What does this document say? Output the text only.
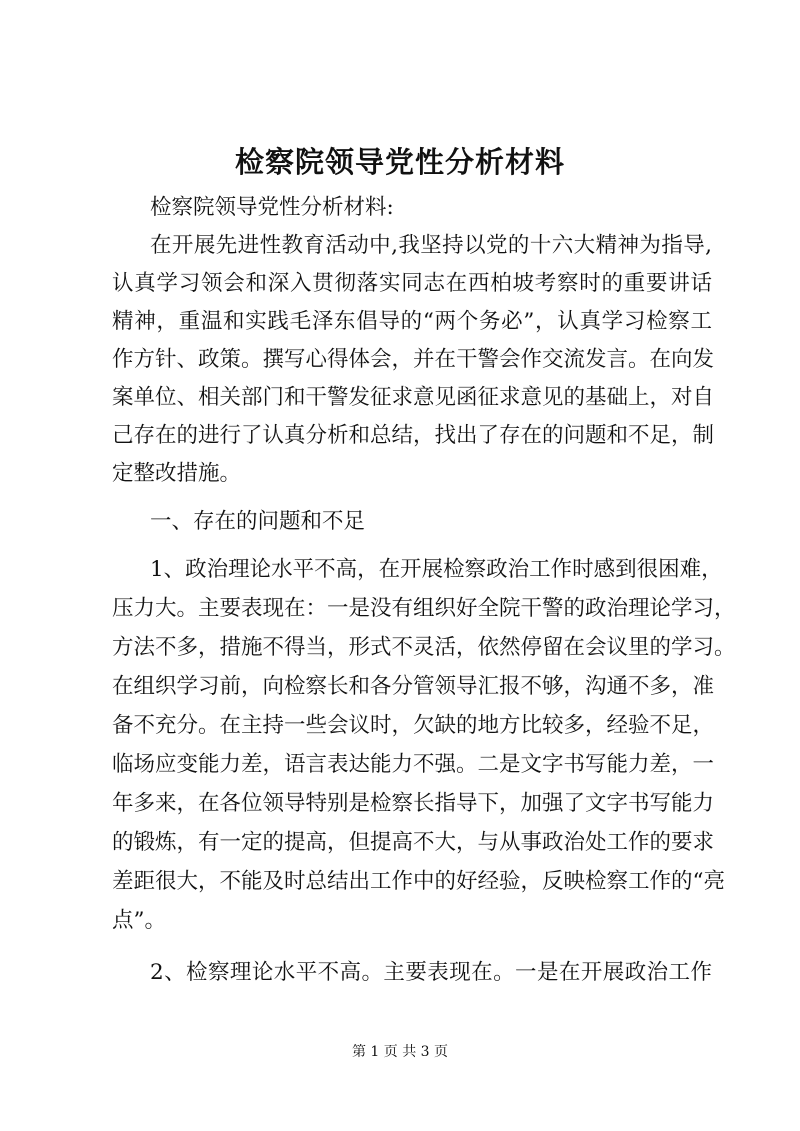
检察院领导党性分析材料

检察院领导党性分析材料:

在开展先进性教育活动中,我坚持以党的十六大精神为指导,

认真学习领会和深入贯彻落实同志在西柏坡考察时的重要讲话

精神，重温和实践毛泽东倡导的“两个务必”，认真学习检察工

作方针、政策。撰写心得体会，并在干警会作交流发言。在向发

案单位、相关部门和干警发征求意见函征求意见的基础上，对自

己存在的进行了认真分析和总结，找出了存在的问题和不足，制

定整改措施。

一、存在的问题和不足

1、政治理论水平不高，在开展检察政治工作时感到很困难，

压力大。主要表现在：一是没有组织好全院干警的政治理论学习，

方法不多，措施不得当，形式不灵活，依然停留在会议里的学习。

在组织学习前，向检察长和各分管领导汇报不够，沟通不多，准

备不充分。在主持一些会议时，欠缺的地方比较多，经验不足，

临场应变能力差，语言表达能力不强。二是文字书写能力差，一

年多来，在各位领导特别是检察长指导下，加强了文字书写能力

的锻炼，有一定的提高，但提高不大，与从事政治处工作的要求

差距很大，不能及时总结出工作中的好经验，反映检察工作的“亮

点”。

2、检察理论水平不高。主要表现在。一是在开展政治工作

第 1 页 共 3 页
